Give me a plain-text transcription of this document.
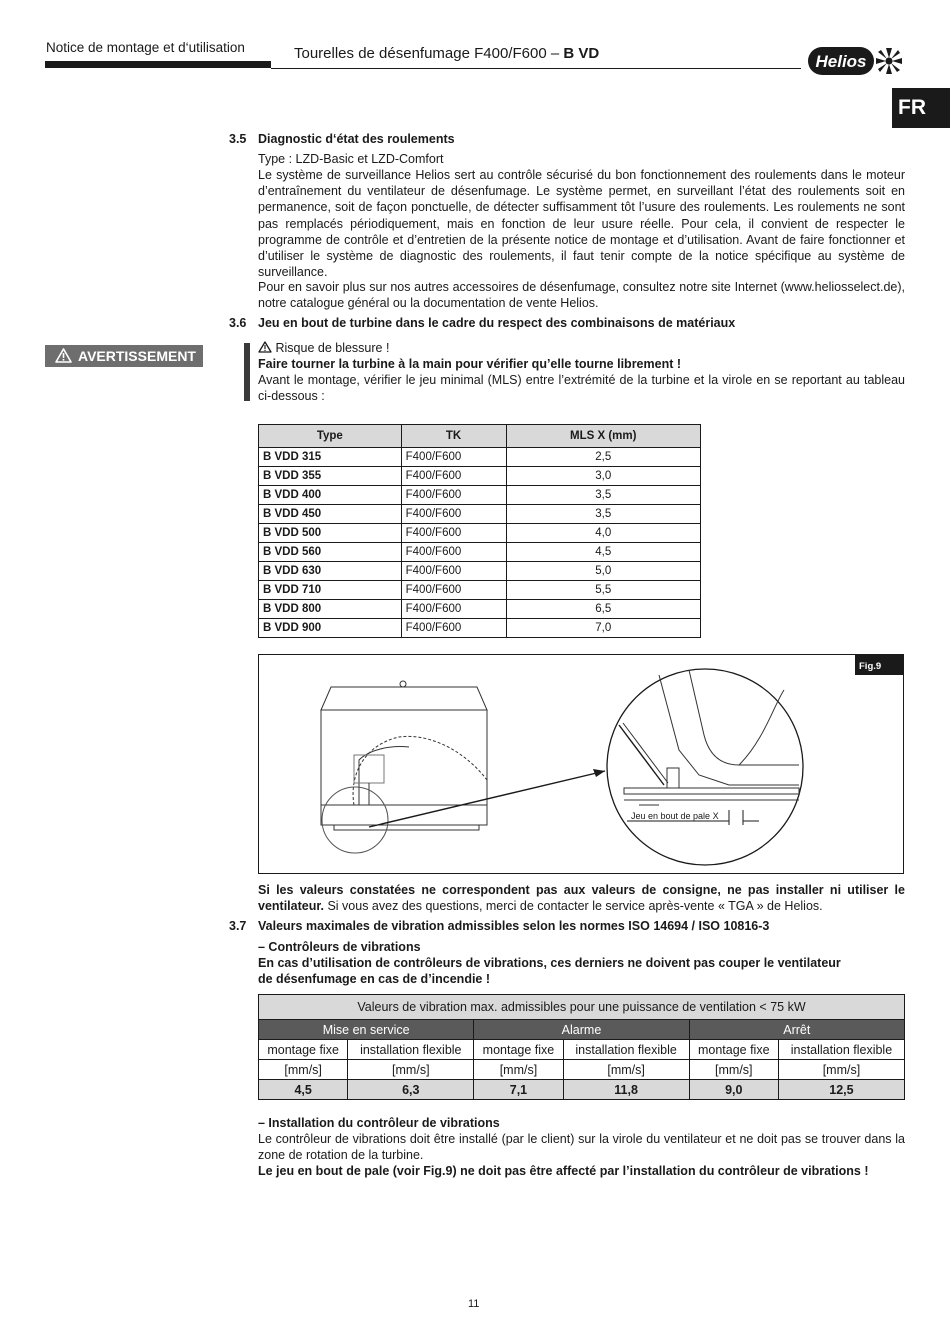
Notice de montage et d‘utilisation	Tourelles de désenfumage F400/F600 – B VD	Helios
FR
3.5 Diagnostic d‘état des roulements
Type : LZD-Basic et LZD-Comfort
Le système de surveillance Helios sert au contrôle sécurisé du bon fonctionnement des roulements dans le moteur d’entraînement du ventilateur de désenfumage. Le système permet, en surveillant l’état des roulements soit en permanence, soit de façon ponctuelle, de détecter suffisamment tôt l’usure des roulements. Les roulements ne sont pas remplacés périodiquement, mais en fonction de leur usure réelle. Pour cela, il convient de respecter le programme de contrôle et d’entretien de la présente notice de montage et d’utilisation. Avant de faire fonctionner et d’utiliser le système de diagnostic des roulements, il faut tenir compte de la notice spécifique au système de surveillance.
Pour en savoir plus sur nos autres accessoires de désenfumage, consultez notre site Internet (www.heliosselect.de), notre catalogue général ou la documentation de vente Helios.
3.6 Jeu en bout de turbine dans le cadre du respect des combinaisons de matériaux
AVERTISSEMENT	Risque de blessure !
Faire tourner la turbine à la main pour vérifier qu’elle tourne librement !
Avant le montage, vérifier le jeu minimal (MLS) entre l’extrémité de la turbine et la virole en se reportant au tableau ci-dessous :
Type	TK	MLS X (mm)
B VDD 315	F400/F600	2,5
B VDD 355	F400/F600	3,0
B VDD 400	F400/F600	3,5
B VDD 450	F400/F600	3,5
B VDD 500	F400/F600	4,0
B VDD 560	F400/F600	4,5
B VDD 630	F400/F600	5,0
B VDD 710	F400/F600	5,5
B VDD 800	F400/F600	6,5
B VDD 900	F400/F600	7,0
Fig.9
Jeu en bout de pale X
Si les valeurs constatées ne correspondent pas aux valeurs de consigne, ne pas installer ni utiliser le ventilateur. Si vous avez des questions, merci de contacter le service après-vente « TGA » de Helios.
3.7 Valeurs maximales de vibration admissibles selon les normes ISO 14694 / ISO 10816-3
– Contrôleurs de vibrations
En cas d’utilisation de contrôleurs de vibrations, ces derniers ne doivent pas couper le ventilateur
de désenfumage en cas de d’incendie !
Valeurs de vibration max. admissibles pour une puissance de ventilation < 75 kW					
Mise en service		Alarme		Arrêt	
montage fixe	installation flexible	montage fixe	installation flexible	montage fixe	installation flexible
[mm/s]	[mm/s]	[mm/s]	[mm/s]	[mm/s]	[mm/s]
4,5	6,3	7,1	11,8	9,0	12,5
– Installation du contrôleur de vibrations
Le contrôleur de vibrations doit être installé (par le client) sur la virole du ventilateur et ne doit pas se trouver dans la zone de rotation de la turbine.
Le jeu en bout de pale (voir Fig.9) ne doit pas être affecté par l’installation du contrôleur de vibrations !
11
